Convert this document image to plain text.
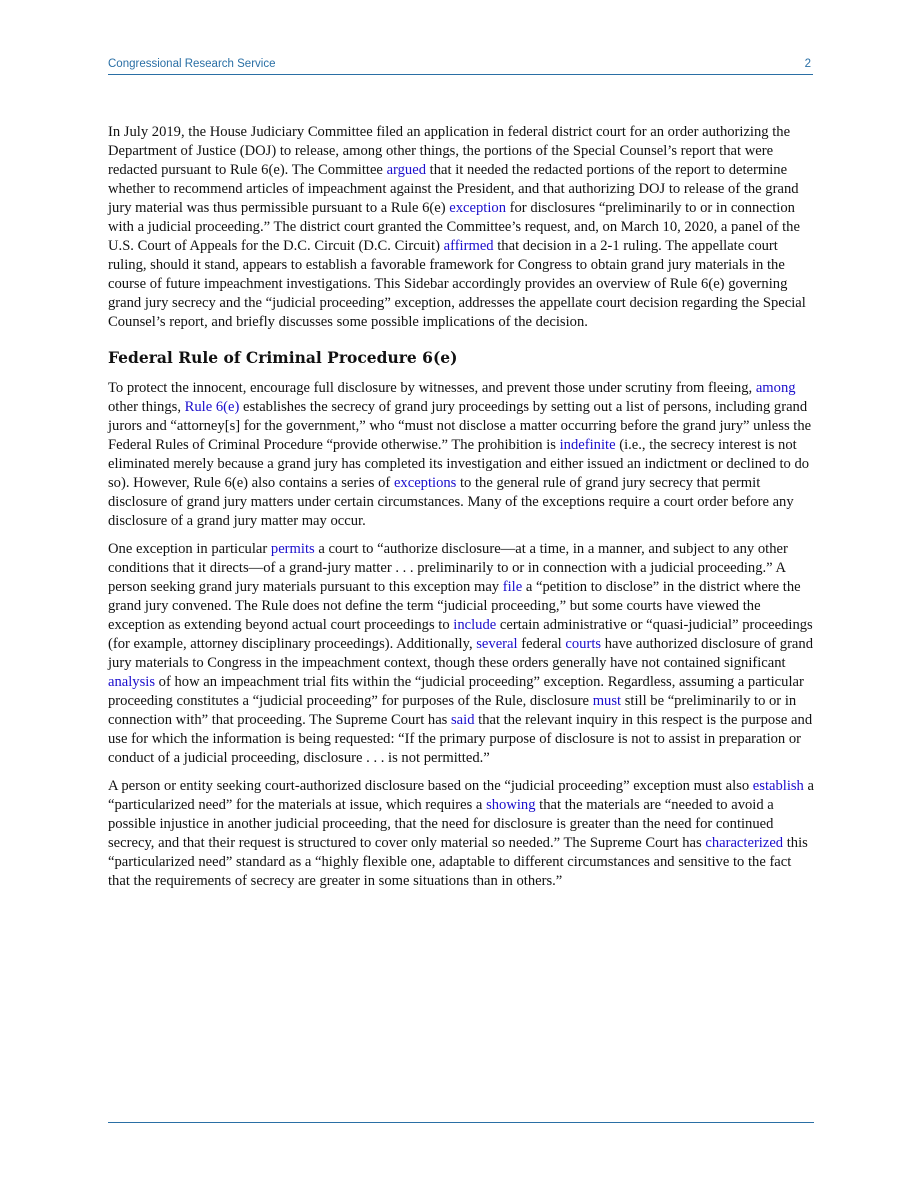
Congressional Research Service	2

In July 2019, the House Judiciary Committee filed an application in federal district court for an order authorizing the Department of Justice (DOJ) to release, among other things, the portions of the Special Counsel’s report that were redacted pursuant to Rule 6(e). The Committee argued that it needed the redacted portions of the report to determine whether to recommend articles of impeachment against the President, and that authorizing DOJ to release of the grand jury material was thus permissible pursuant to a Rule 6(e) exception for disclosures “preliminarily to or in connection with a judicial proceeding.” The district court granted the Committee’s request, and, on March 10, 2020, a panel of the U.S. Court of Appeals for the D.C. Circuit (D.C. Circuit) affirmed that decision in a 2-1 ruling. The appellate court ruling, should it stand, appears to establish a favorable framework for Congress to obtain grand jury materials in the course of future impeachment investigations. This Sidebar accordingly provides an overview of Rule 6(e) governing grand jury secrecy and the “judicial proceeding” exception, addresses the appellate court decision regarding the Special Counsel’s report, and briefly discusses some possible implications of the decision.

Federal Rule of Criminal Procedure 6(e)

To protect the innocent, encourage full disclosure by witnesses, and prevent those under scrutiny from fleeing, among other things, Rule 6(e) establishes the secrecy of grand jury proceedings by setting out a list of persons, including grand jurors and “attorney[s] for the government,” who “must not disclose a matter occurring before the grand jury” unless the Federal Rules of Criminal Procedure “provide otherwise.” The prohibition is indefinite (i.e., the secrecy interest is not eliminated merely because a grand jury has completed its investigation and either issued an indictment or declined to do so). However, Rule 6(e) also contains a series of exceptions to the general rule of grand jury secrecy that permit disclosure of grand jury matters under certain circumstances. Many of the exceptions require a court order before any disclosure of a grand jury matter may occur.

One exception in particular permits a court to “authorize disclosure—at a time, in a manner, and subject to any other conditions that it directs—of a grand-jury matter . . . preliminarily to or in connection with a judicial proceeding.” A person seeking grand jury materials pursuant to this exception may file a “petition to disclose” in the district where the grand jury convened. The Rule does not define the term “judicial proceeding,” but some courts have viewed the exception as extending beyond actual court proceedings to include certain administrative or “quasi-judicial” proceedings (for example, attorney disciplinary proceedings). Additionally, several federal courts have authorized disclosure of grand jury materials to Congress in the impeachment context, though these orders generally have not contained significant analysis of how an impeachment trial fits within the “judicial proceeding” exception. Regardless, assuming a particular proceeding constitutes a “judicial proceeding” for purposes of the Rule, disclosure must still be “preliminarily to or in connection with” that proceeding. The Supreme Court has said that the relevant inquiry in this respect is the purpose and use for which the information is being requested: “If the primary purpose of disclosure is not to assist in preparation or conduct of a judicial proceeding, disclosure . . . is not permitted.”

A person or entity seeking court-authorized disclosure based on the “judicial proceeding” exception must also establish a “particularized need” for the materials at issue, which requires a showing that the materials are “needed to avoid a possible injustice in another judicial proceeding, that the need for disclosure is greater than the need for continued secrecy, and that their request is structured to cover only material so needed.” The Supreme Court has characterized this “particularized need” standard as a “highly flexible one, adaptable to different circumstances and sensitive to the fact that the requirements of secrecy are greater in some situations than in others.”
